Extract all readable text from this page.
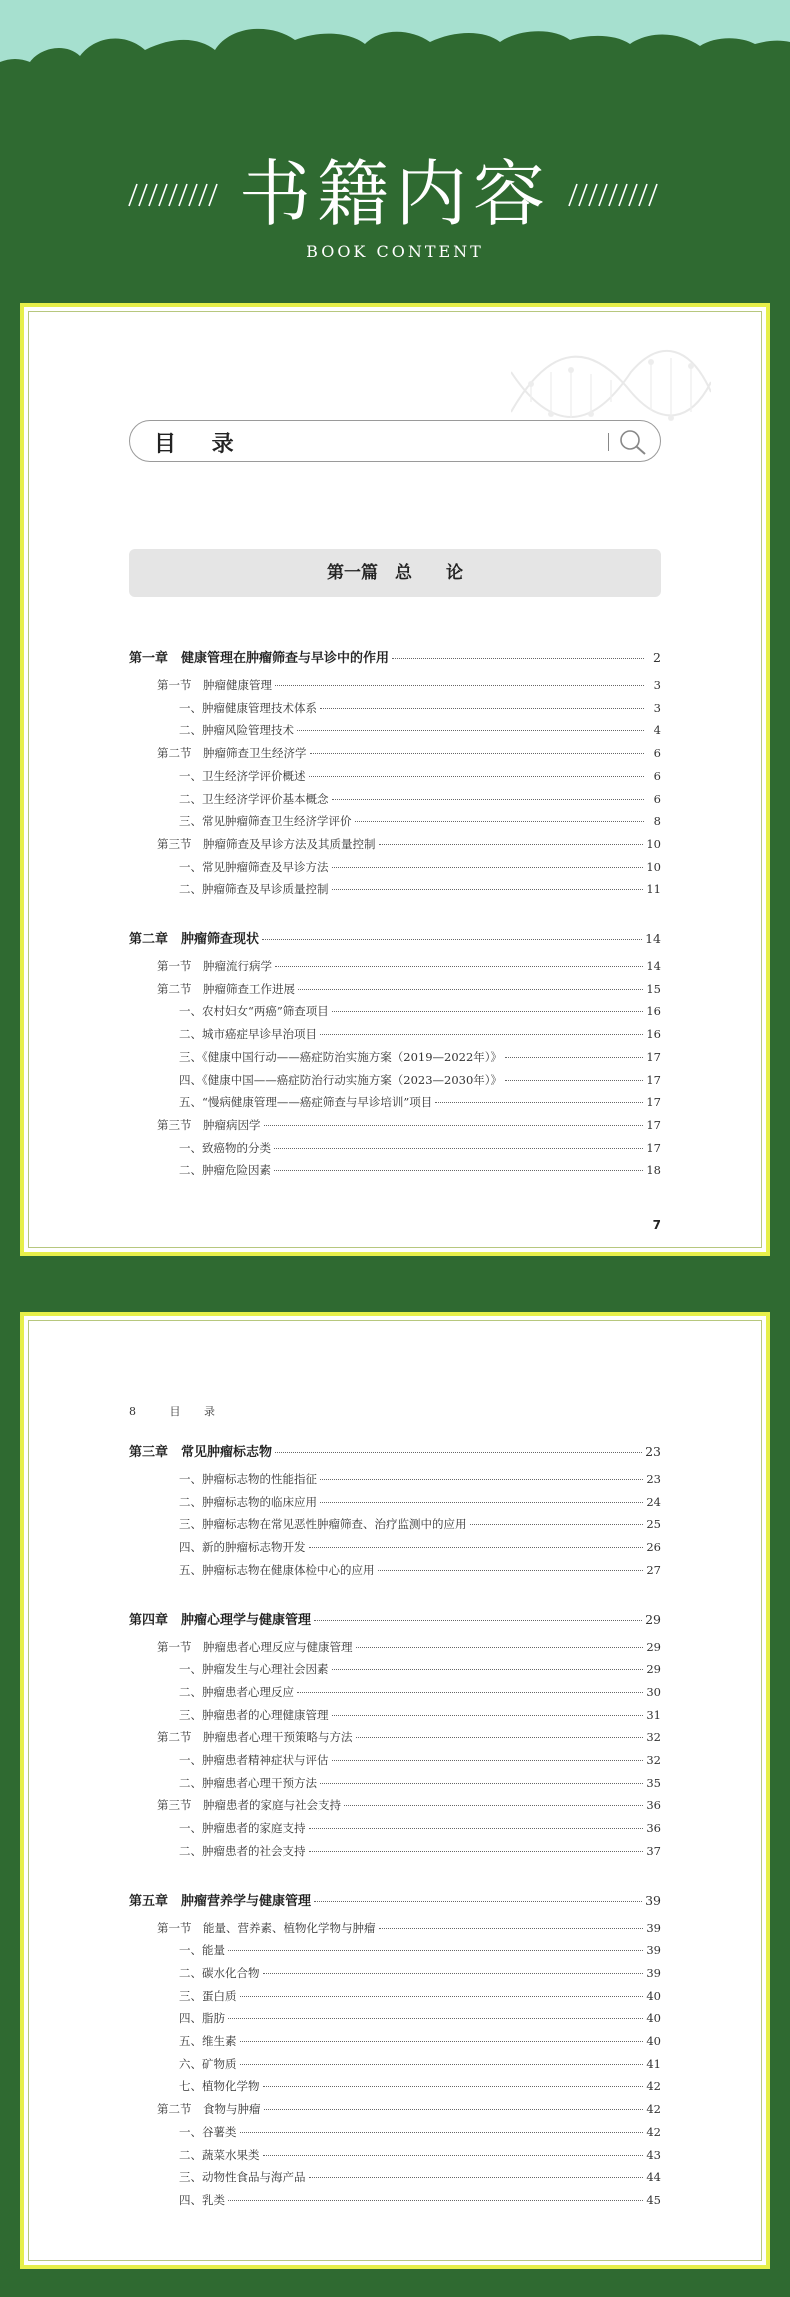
书籍内容
BOOK CONTENT
目 录
第一篇　总　　论
第一章　健康管理在肿瘤筛查与早诊中的作用	2
第一节　肿瘤健康管理	3
一、肿瘤健康管理技术体系	3
二、肿瘤风险管理技术	4
第二节　肿瘤筛查卫生经济学	6
一、卫生经济学评价概述	6
二、卫生经济学评价基本概念	6
三、常见肿瘤筛查卫生经济学评价	8
第三节　肿瘤筛查及早诊方法及其质量控制	10
一、常见肿瘤筛查及早诊方法	10
二、肿瘤筛查及早诊质量控制	11
第二章　肿瘤筛查现状	14
第一节　肿瘤流行病学	14
第二节　肿瘤筛查工作进展	15
一、农村妇女“两癌”筛查项目	16
二、城市癌症早诊早治项目	16
三、《健康中国行动——癌症防治实施方案（2019—2022年）》	17
四、《健康中国——癌症防治行动实施方案（2023—2030年）》	17
五、“慢病健康管理——癌症筛查与早诊培训”项目	17
第三节　肿瘤病因学	17
一、致癌物的分类	17
二、肿瘤危险因素	18
7
8	目 录
第三章　常见肿瘤标志物	23
一、肿瘤标志物的性能指征	23
二、肿瘤标志物的临床应用	24
三、肿瘤标志物在常见恶性肿瘤筛查、治疗监测中的应用	25
四、新的肿瘤标志物开发	26
五、肿瘤标志物在健康体检中心的应用	27
第四章　肿瘤心理学与健康管理	29
第一节　肿瘤患者心理反应与健康管理	29
一、肿瘤发生与心理社会因素	29
二、肿瘤患者心理反应	30
三、肿瘤患者的心理健康管理	31
第二节　肿瘤患者心理干预策略与方法	32
一、肿瘤患者精神症状与评估	32
二、肿瘤患者心理干预方法	35
第三节　肿瘤患者的家庭与社会支持	36
一、肿瘤患者的家庭支持	36
二、肿瘤患者的社会支持	37
第五章　肿瘤营养学与健康管理	39
第一节　能量、营养素、植物化学物与肿瘤	39
一、能量	39
二、碳水化合物	39
三、蛋白质	40
四、脂肪	40
五、维生素	40
六、矿物质	41
七、植物化学物	42
第二节　食物与肿瘤	42
一、谷薯类	42
二、蔬菜水果类	43
三、动物性食品与海产品	44
四、乳类	45
